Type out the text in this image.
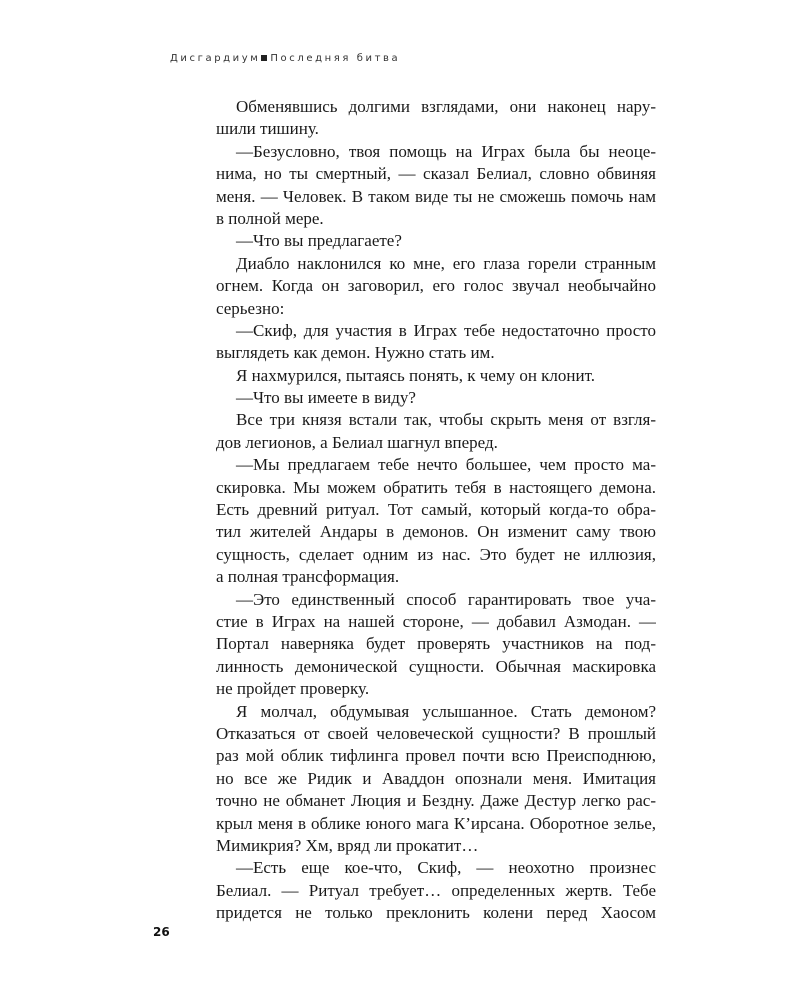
Дисгардиум Последняя битва
Обменявшись долгими взглядами, они наконец нару-
шили тишину.
—Безусловно, твоя помощь на Играх была бы неоце-
нима, но ты смертный, — сказал Белиал, словно обвиняя
меня. — Человек. В таком виде ты не сможешь помочь нам
в полной мере.
—Что вы предлагаете?
Диабло наклонился ко мне, его глаза горели странным
огнем. Когда он заговорил, его голос звучал необычайно
серьезно:
—Скиф, для участия в Играх тебе недостаточно просто
выглядеть как демон. Нужно стать им.
Я нахмурился, пытаясь понять, к чему он клонит.
—Что вы имеете в виду?
Все три князя встали так, чтобы скрыть меня от взгля-
дов легионов, а Белиал шагнул вперед.
—Мы предлагаем тебе нечто большее, чем просто ма-
скировка. Мы можем обратить тебя в настоящего демона.
Есть древний ритуал. Тот самый, который когда-то обра-
тил жителей Андары в демонов. Он изменит саму твою
сущность, сделает одним из нас. Это будет не иллюзия,
а полная трансформация.
—Это единственный способ гарантировать твое уча-
стие в Играх на нашей стороне, — добавил Азмодан. —
Портал наверняка будет проверять участников на под-
линность демонической сущности. Обычная маскировка
не пройдет проверку.
Я молчал, обдумывая услышанное. Стать демоном?
Отказаться от своей человеческой сущности? В прошлый
раз мой облик тифлинга провел почти всю Преисподнюю,
но все же Ридик и Аваддон опознали меня. Имитация
точно не обманет Люция и Бездну. Даже Дестур легко рас-
крыл меня в облике юного мага К’ирсана. Оборотное зелье,
Мимикрия? Хм, вряд ли прокатит…
—Есть еще кое-что, Скиф, — неохотно произнес
Белиал. — Ритуал требует… определенных жертв. Тебе
придется не только преклонить колени перед Хаосом
26
